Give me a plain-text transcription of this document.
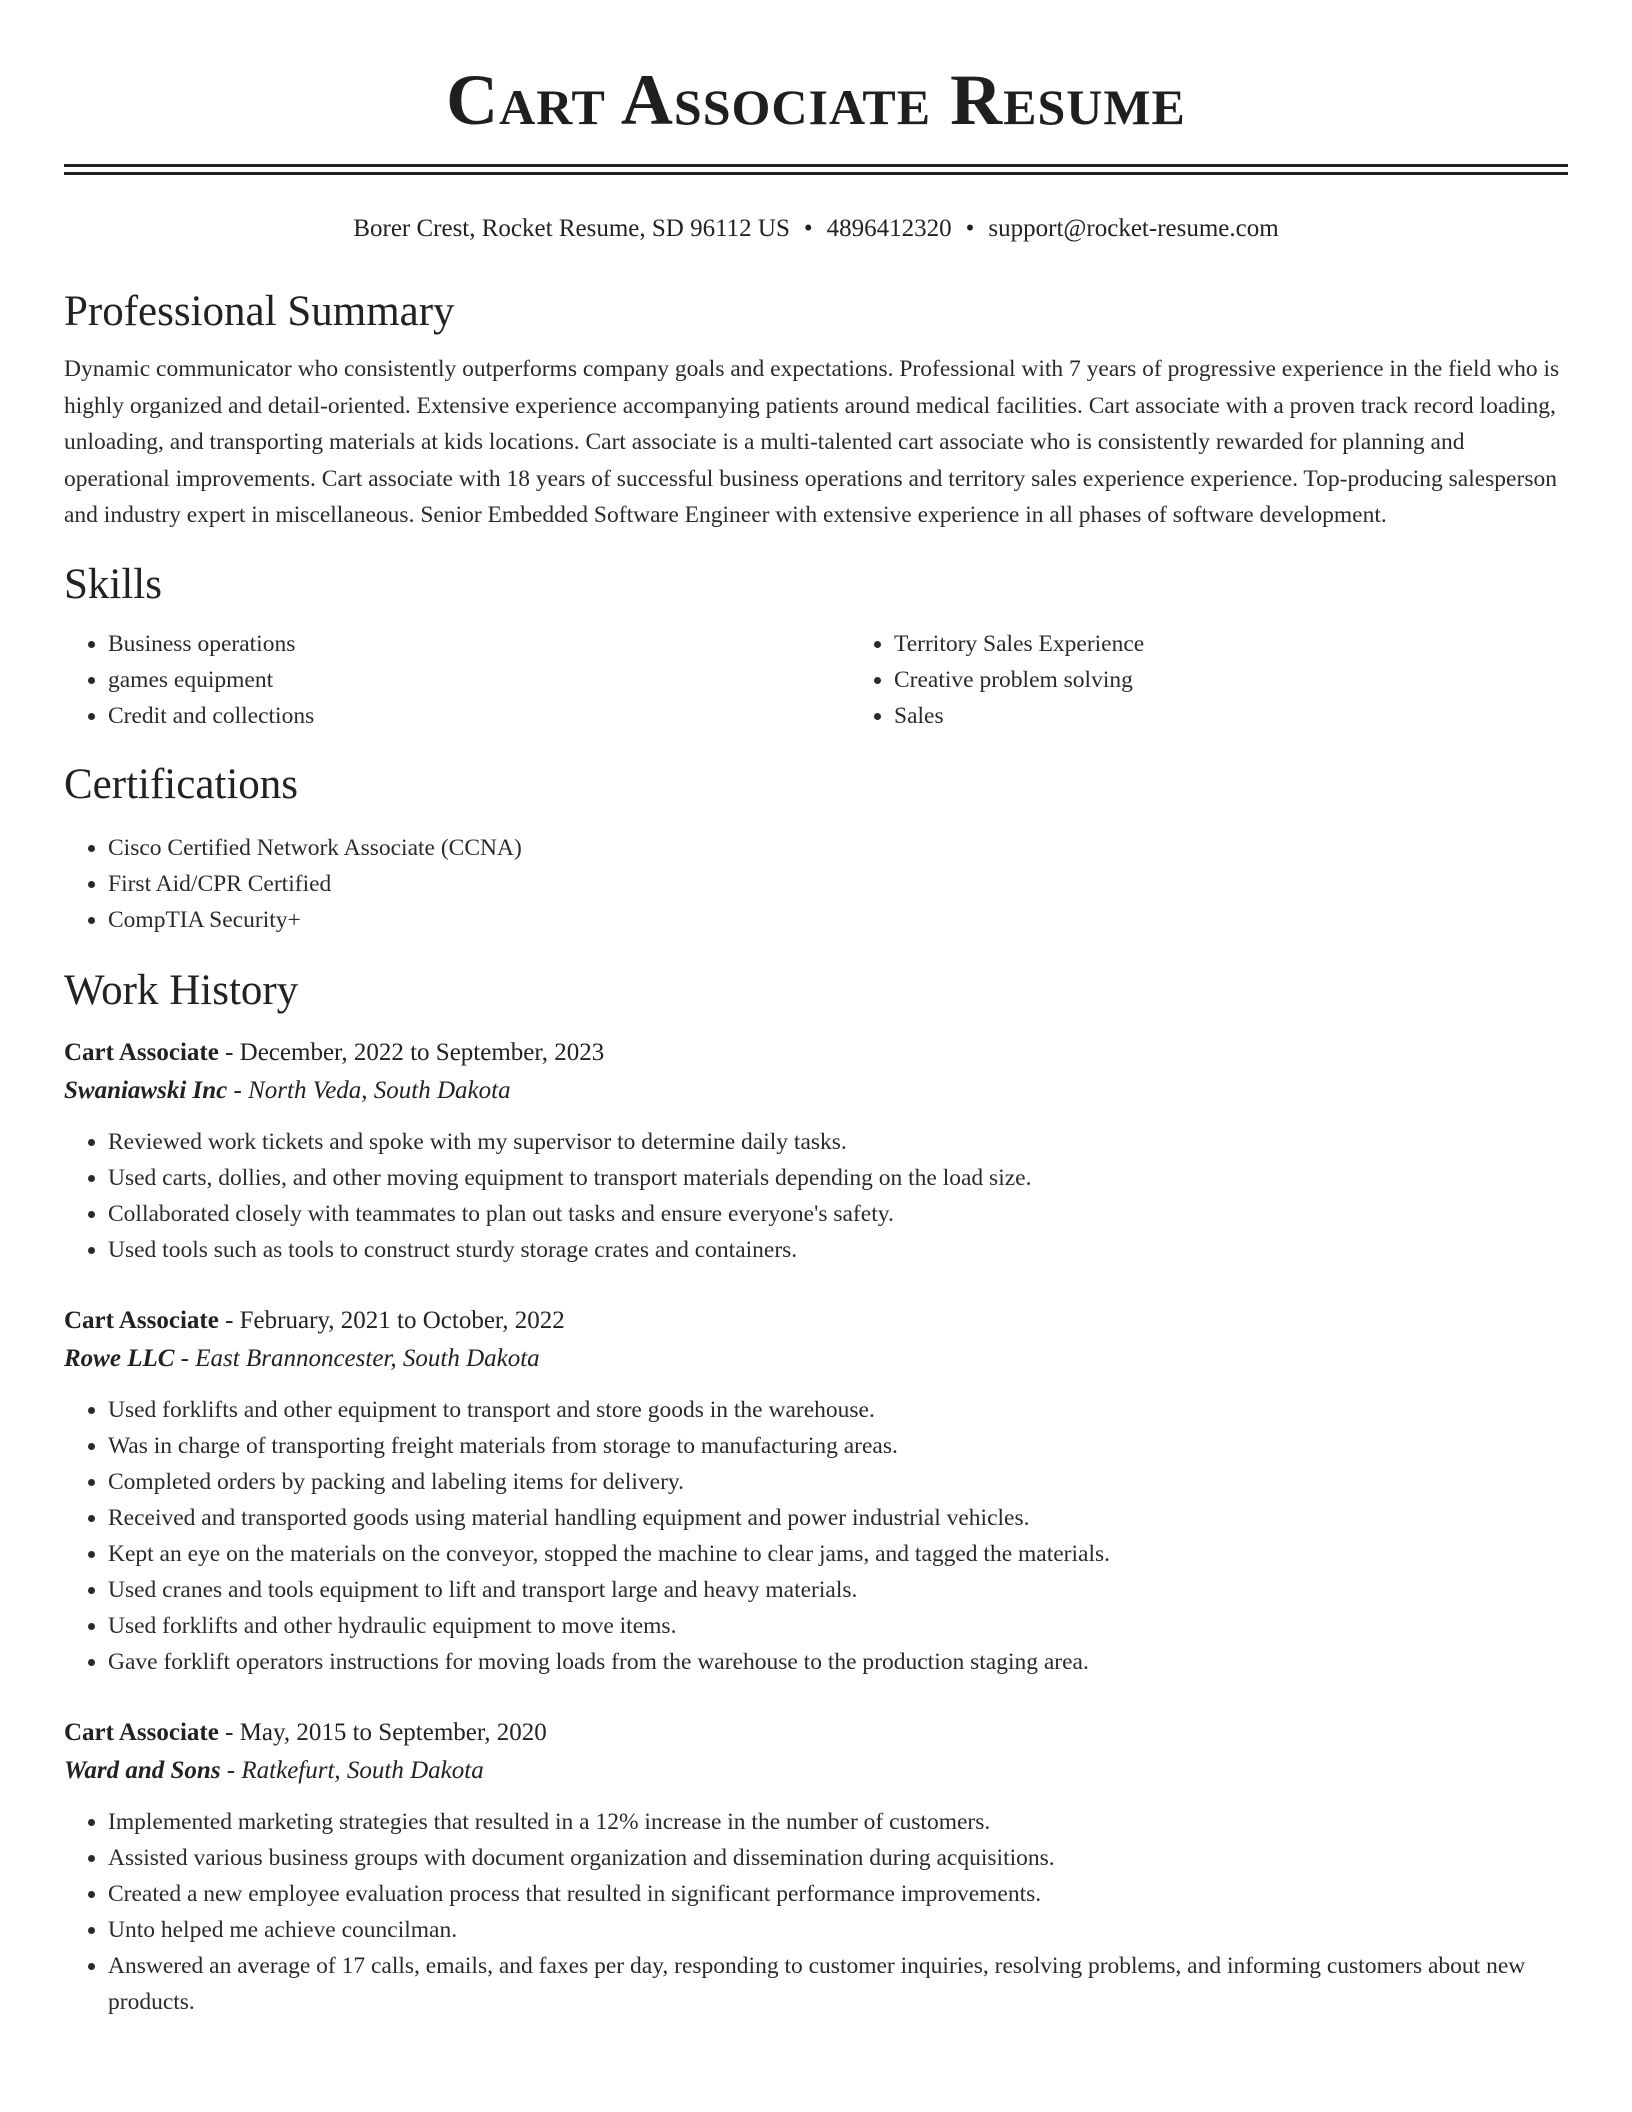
Cart Associate Resume
Borer Crest, Rocket Resume, SD 96112 US • 4896412320 • support@rocket-resume.com
Professional Summary

Dynamic communicator who consistently outperforms company goals and expectations. Professional with 7 years of progressive experience in the field who is highly organized and detail-oriented. Extensive experience accompanying patients around medical facilities. Cart associate with a proven track record loading, unloading, and transporting materials at kids locations. Cart associate is a multi-talented cart associate who is consistently rewarded for planning and operational improvements. Cart associate with 18 years of successful business operations and territory sales experience experience. Top-producing salesperson and industry expert in miscellaneous. Senior Embedded Software Engineer with extensive experience in all phases of software development.

Skills
• Business operations
• games equipment
• Credit and collections
• Territory Sales Experience
• Creative problem solving
• Sales
Certifications
• Cisco Certified Network Associate (CCNA)
• First Aid/CPR Certified
• CompTIA Security+
Work History
Cart Associate - December, 2022 to September, 2023
Swaniawski Inc - North Veda, South Dakota
• Reviewed work tickets and spoke with my supervisor to determine daily tasks.
• Used carts, dollies, and other moving equipment to transport materials depending on the load size.
• Collaborated closely with teammates to plan out tasks and ensure everyone's safety.
• Used tools such as tools to construct sturdy storage crates and containers.
Cart Associate - February, 2021 to October, 2022
Rowe LLC - East Brannoncester, South Dakota
• Used forklifts and other equipment to transport and store goods in the warehouse.
• Was in charge of transporting freight materials from storage to manufacturing areas.
• Completed orders by packing and labeling items for delivery.
• Received and transported goods using material handling equipment and power industrial vehicles.
• Kept an eye on the materials on the conveyor, stopped the machine to clear jams, and tagged the materials.
• Used cranes and tools equipment to lift and transport large and heavy materials.
• Used forklifts and other hydraulic equipment to move items.
• Gave forklift operators instructions for moving loads from the warehouse to the production staging area.
Cart Associate - May, 2015 to September, 2020
Ward and Sons - Ratkefurt, South Dakota
• Implemented marketing strategies that resulted in a 12% increase in the number of customers.
• Assisted various business groups with document organization and dissemination during acquisitions.
• Created a new employee evaluation process that resulted in significant performance improvements.
• Unto helped me achieve councilman.
• Answered an average of 17 calls, emails, and faxes per day, responding to customer inquiries, resolving problems, and informing customers about new products.
